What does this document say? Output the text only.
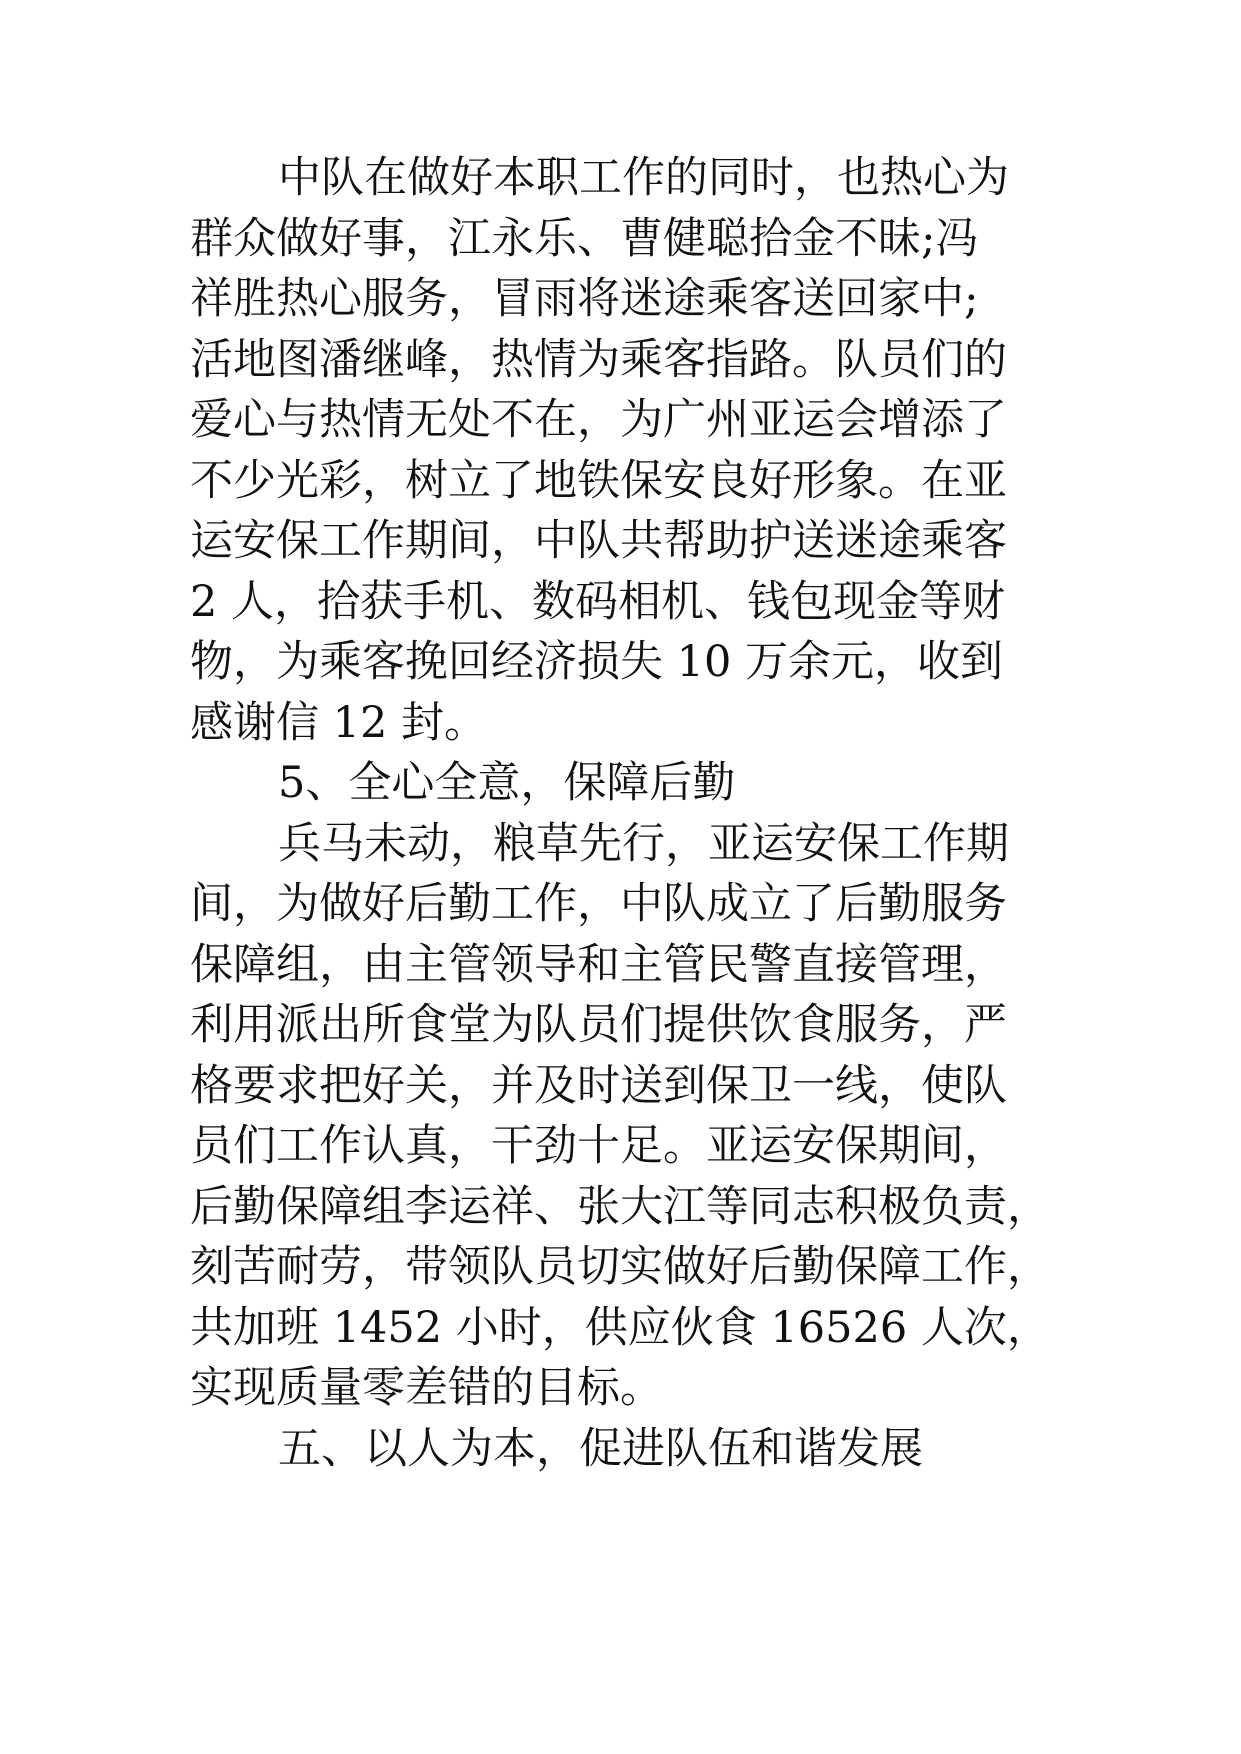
中队在做好本职工作的同时，也热心为
群众做好事，江永乐、曹健聪拾金不昧;冯
祥胜热心服务，冒雨将迷途乘客送回家中;
活地图潘继峰，热情为乘客指路。队员们的
爱心与热情无处不在，为广州亚运会增添了
不少光彩，树立了地铁保安良好形象。在亚
运安保工作期间，中队共帮助护送迷途乘客
2 人，拾获手机、数码相机、钱包现金等财
物，为乘客挽回经济损失 10 万余元，收到
感谢信 12 封。
5、全心全意，保障后勤
兵马未动，粮草先行，亚运安保工作期
间，为做好后勤工作，中队成立了后勤服务
保障组，由主管领导和主管民警直接管理，
利用派出所食堂为队员们提供饮食服务，严
格要求把好关，并及时送到保卫一线，使队
员们工作认真，干劲十足。亚运安保期间，
后勤保障组李运祥、张大江等同志积极负责，
刻苦耐劳，带领队员切实做好后勤保障工作，
共加班 1452 小时，供应伙食 16526 人次，
实现质量零差错的目标。
五、以人为本，促进队伍和谐发展
